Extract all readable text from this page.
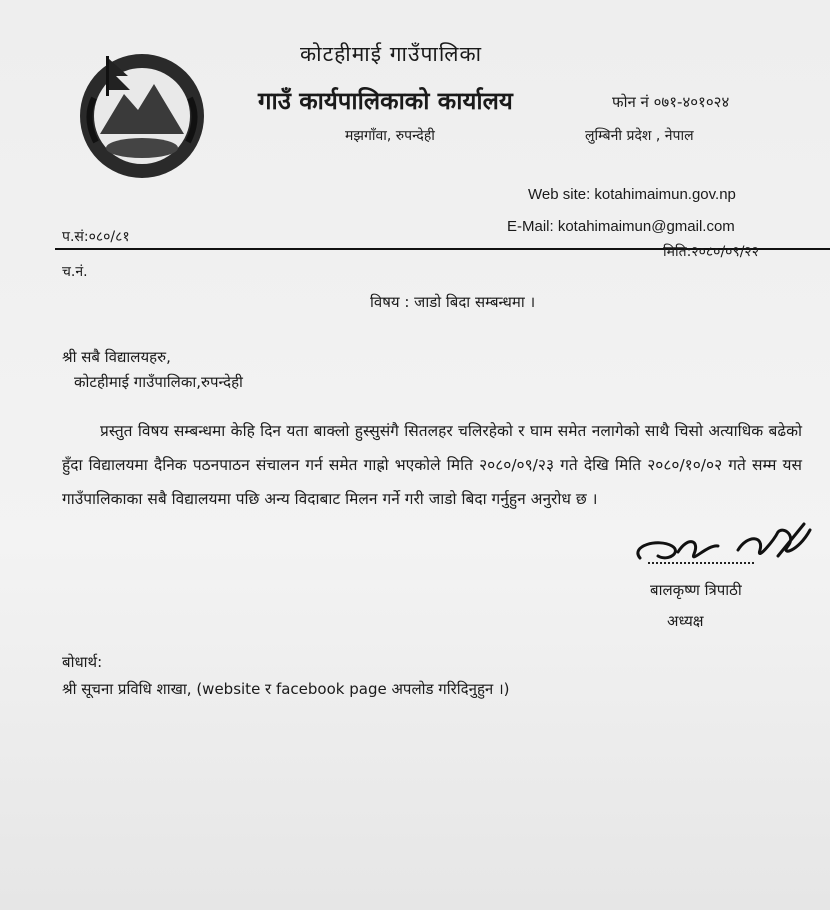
कोटहीमाई गाउँपालिका
गाउँ कार्यपालिकाको कार्यालय	फोन नं ०७१-४०१०२४
मझगाँवा, रुपन्देही	लुम्बिनी प्रदेश , नेपाल
Web site: kotahimaimun.gov.np
E-Mail: kotahimaimun@gmail.com
प.सं:०८०/८१
मिति:२०८०/०९/२२
च.नं.
विषय : जाडो बिदा सम्बन्धमा ।
श्री सबै विद्यालयहरु,
कोटहीमाई गाउँपालिका,रुपन्देही
प्रस्तुत विषय सम्बन्धमा केहि दिन यता बाक्लो हुस्सुसंगै सितलहर चलिरहेको र घाम समेत नलागेको साथै चिसो अत्याधिक बढेको हुँदा विद्यालयमा दैनिक पठनपाठन संचालन गर्न समेत गाह्रो भएकोले मिति २०८०/०९/२३ गते देखि मिति २०८०/१०/०२ गते सम्म यस गाउँपालिकाका सबै विद्यालयमा पछि अन्य विदाबाट मिलन गर्ने गरी जाडो बिदा गर्नुहुन अनुरोध छ ।
बालकृष्ण त्रिपाठी
अध्यक्ष
बोधार्थ:
श्री सूचना प्रविधि शाखा, (website र facebook page अपलोड गरिदिनुहुन ।)
